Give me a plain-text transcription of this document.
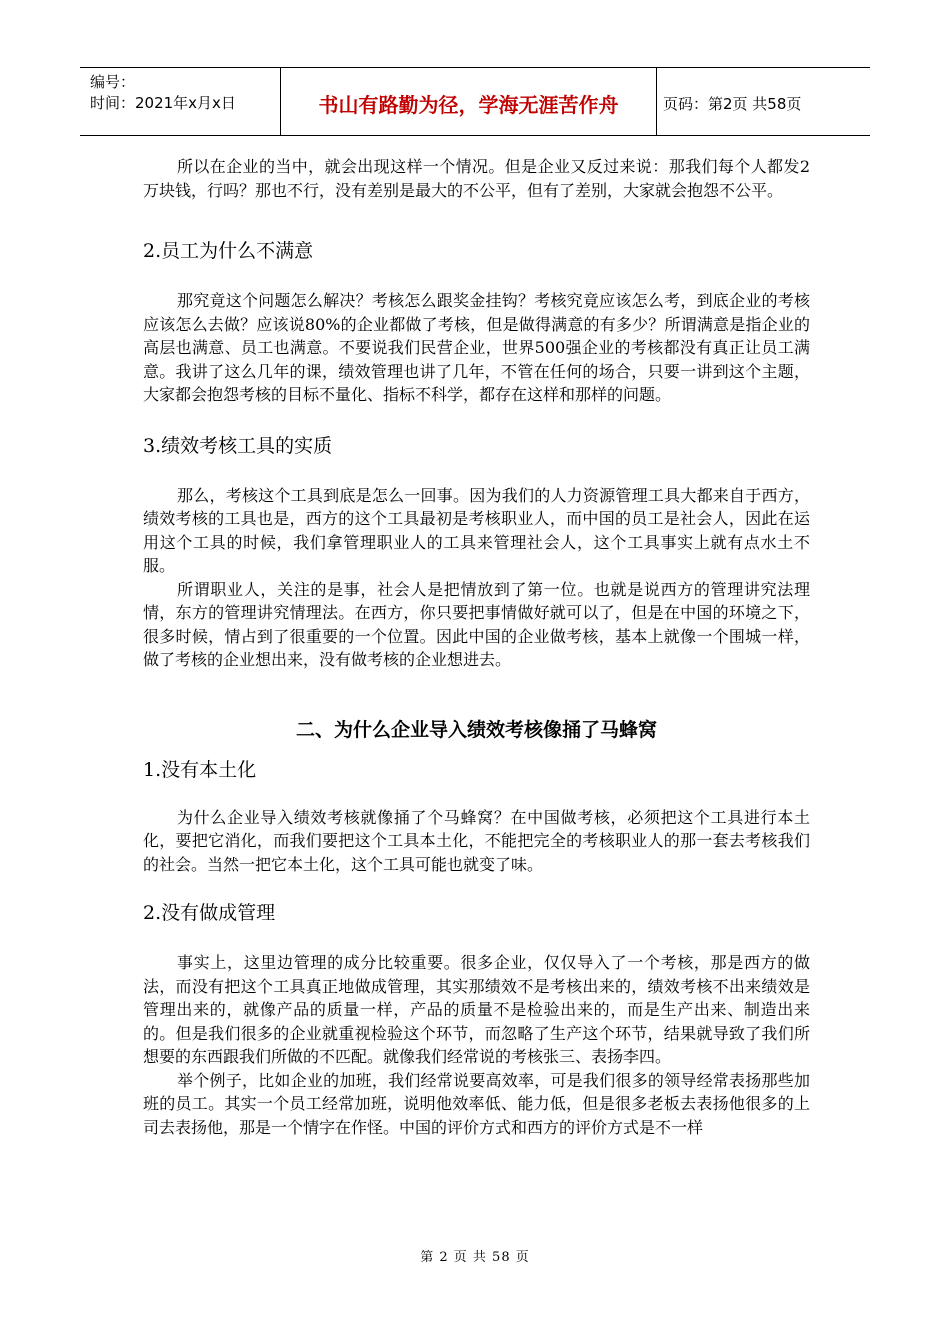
编号：
时间：2021年x月x日	书山有路勤为径，学海无涯苦作舟	页码：第2页 共58页

所以在企业的当中，就会出现这样一个情况。但是企业又反过来说：那我们每个人都发2万块钱，行吗？那也不行，没有差别是最大的不公平，但有了差别，大家就会抱怨不公平。

2.员工为什么不满意

那究竟这个问题怎么解决？考核怎么跟奖金挂钩？考核究竟应该怎么考，到底企业的考核应该怎么去做？应该说80%的企业都做了考核，但是做得满意的有多少？所谓满意是指企业的高层也满意、员工也满意。不要说我们民营企业，世界500强企业的考核都没有真正让员工满意。我讲了这么几年的课，绩效管理也讲了几年，不管在任何的场合，只要一讲到这个主题，大家都会抱怨考核的目标不量化、指标不科学，都存在这样和那样的问题。

3.绩效考核工具的实质

那么，考核这个工具到底是怎么一回事。因为我们的人力资源管理工具大都来自于西方，绩效考核的工具也是，西方的这个工具最初是考核职业人，而中国的员工是社会人，因此在运用这个工具的时候，我们拿管理职业人的工具来管理社会人，这个工具事实上就有点水土不服。

所谓职业人，关注的是事，社会人是把情放到了第一位。也就是说西方的管理讲究法理情，东方的管理讲究情理法。在西方，你只要把事情做好就可以了，但是在中国的环境之下，很多时候，情占到了很重要的一个位置。因此中国的企业做考核，基本上就像一个围城一样，做了考核的企业想出来，没有做考核的企业想进去。

二、为什么企业导入绩效考核像捅了马蜂窝
1.没有本土化

为什么企业导入绩效考核就像捅了个马蜂窝？在中国做考核，必须把这个工具进行本土化，要把它消化，而我们要把这个工具本土化，不能把完全的考核职业人的那一套去考核我们的社会。当然一把它本土化，这个工具可能也就变了味。

2.没有做成管理

事实上，这里边管理的成分比较重要。很多企业，仅仅导入了一个考核，那是西方的做法，而没有把这个工具真正地做成管理，其实那绩效不是考核出来的，绩效考核不出来绩效是管理出来的，就像产品的质量一样，产品的质量不是检验出来的，而是生产出来、制造出来的。但是我们很多的企业就重视检验这个环节，而忽略了生产这个环节，结果就导致了我们所想要的东西跟我们所做的不匹配。就像我们经常说的考核张三、表扬李四。

举个例子，比如企业的加班，我们经常说要高效率，可是我们很多的领导经常表扬那些加班的员工。其实一个员工经常加班，说明他效率低、能力低，但是很多老板去表扬他很多的上司去表扬他，那是一个情字在作怪。中国的评价方式和西方的评价方式是不一样

第 2 页 共 58 页
